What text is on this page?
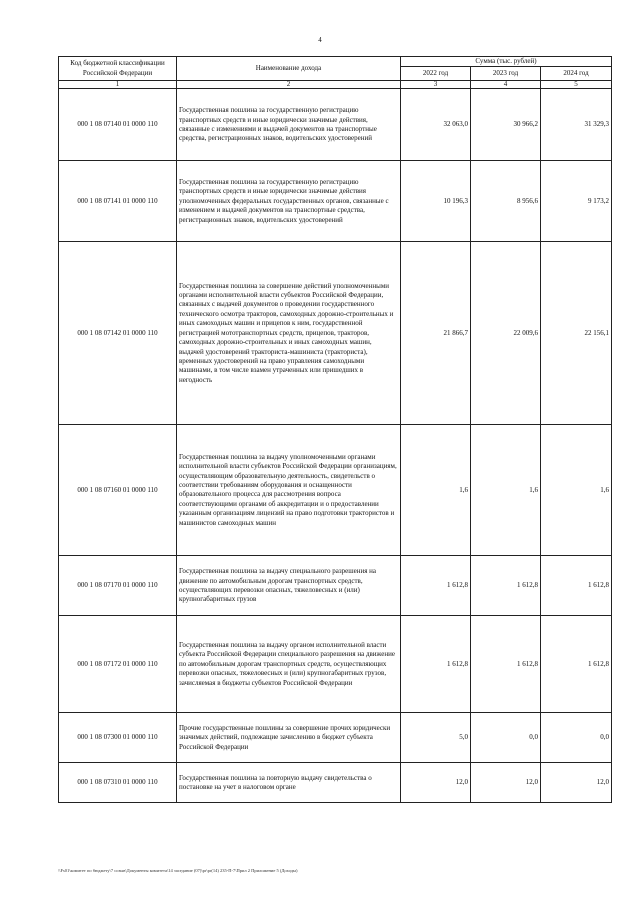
4
Код бюджетной классификации Российской Федерации	Наименование дохода	Сумма (тыс. рублей)		
		2022 год	2023 год	2024 год
1	2	3	4	5
000 1 08 07140 01 0000 110	Государственная пошлина за государственную регистрацию транспортных средств и иные юридически значимые действия, связанные с изменениями и выдачей документов на транспортные средства, регистрационных знаков, водительских удостоверений	32 063,0	30 966,2	31 329,3
000 1 08 07141 01 0000 110	Государственная пошлина за государственную регистрацию транспортных средств и иные юридически значимые действия уполномоченных федеральных государственных органов, связанные с изменением и выдачей документов на транспортные средства, регистрационных знаков, водительских удостоверений	10 196,3	8 956,6	9 173,2
000 1 08 07142 01 0000 110	Государственная пошлина за совершение действий уполномоченными органами исполнительной власти субъектов Российской Федерации, связанных с выдачей документов о проведении государственного технического осмотра тракторов, самоходных дорожно-строительных и иных самоходных машин и прицепов к ним, государственной регистрацией мототранспортных средств, прицепов, тракторов, самоходных дорожно-строительных и иных самоходных машин, выдачей удостоверений тракториста-машиниста (тракториста), временных удостоверений на право управления самоходными машинами, в том числе взамен утраченных или пришедших в негодность	21 866,7	22 009,6	22 156,1
000 1 08 07160 01 0000 110	Государственная пошлина за выдачу уполномоченными органами исполнительной власти субъектов Российской Федерации организациям, осуществляющим образовательную деятельность, свидетельств о соответствии требованиям оборудования и оснащенности образовательного процесса для рассмотрения вопроса соответствующими органами об аккредитации и о предоставлении указанным организациям лицензий на право подготовки трактористов и машинистов самоходных машин	1,6	1,6	1,6
000 1 08 07170 01 0000 110	Государственная пошлина за выдачу специального разрешения на движение по автомобильным дорогам транспортных средств, осуществляющих перевозки опасных, тяжеловесных и (или) крупногабаритных грузов	1 612,8	1 612,8	1 612,8
000 1 08 07172 01 0000 110	Государственная пошлина за выдачу органом исполнительной власти субъекта Российской Федерации специального разрешения на движение по автомобильным дорогам транспортных средств, осуществляющих перевозки опасных, тяжеловесных и (или) крупногабаритных грузов, зачисляемая в бюджеты субъектов Российской Федерации	1 612,8	1 612,8	1 612,8
000 1 08 07300 01 0000 110	Прочие государственные пошлины за совершение прочих юридически значимых действий, подлежащие зачислению в бюджет субъекта Российской Федерации	5,0	0,0	0,0
000 1 08 07310 01 0000 110	Государственная пошлина за повторную выдачу свидетельства о постановке на учет в налоговом органе	12,0	12,0	12,0
\\Fs01\комитет по бюджету\7 созыв\Документы комитета\14 заседание (07)\pr\pr(14) 235-П-7\Прил 2 Приложение 5 (Доходы)
